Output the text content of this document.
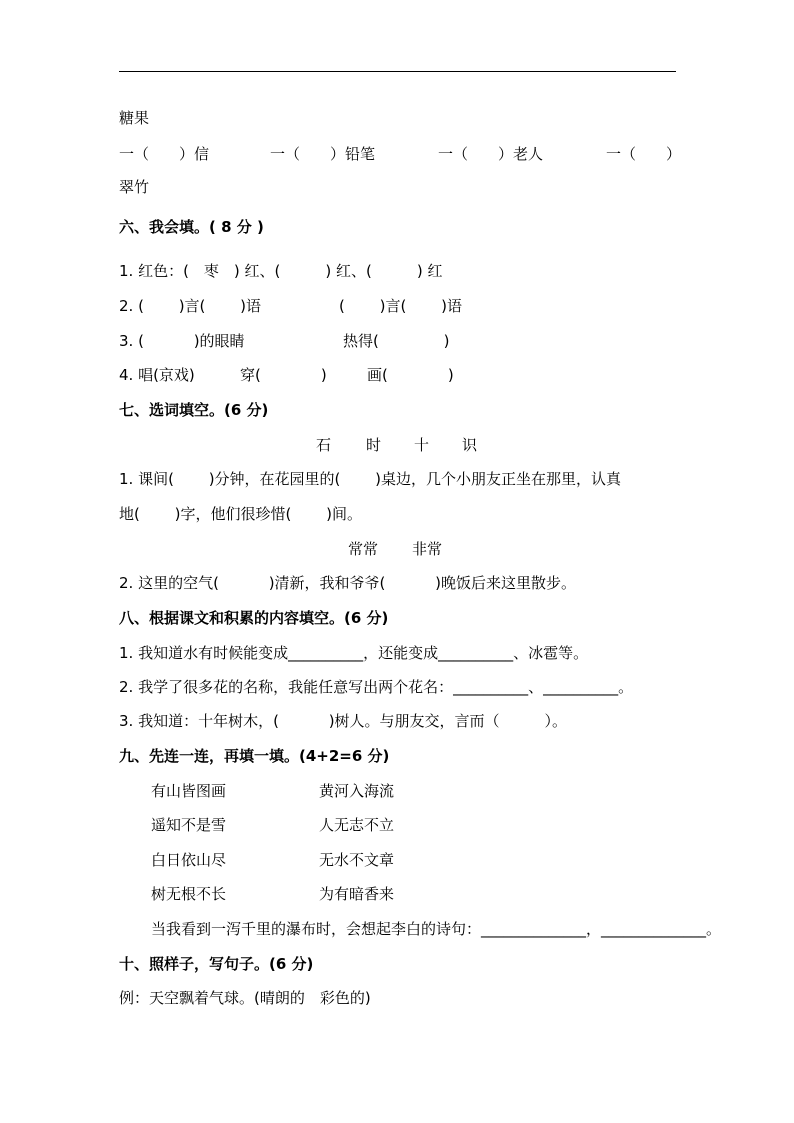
糖果
一（　　）信	一（　　）铅笔	一（　　）老人	一（　　）
翠竹
六、我会填。( 8 分 )
1. 红色：(　枣　) 红、(　　　) 红、(　　　) 红
2. (　　 )言(　　 )语	(　　 )言(　　 )语
3. (　　　 )的眼睛	热得(　　　　 )
4. 唱(京戏)	穿(　　　　)	画(　　　　)
七、选词填空。(6 分)
石 时 十 识
1. 课间(　　 )分钟，在花园里的(　　 )桌边，几个小朋友正坐在那里，认真
地(　　 )字，他们很珍惜(　　 )间。
常常 非常
2. 这里的空气(　　　 )清新，我和爷爷(　　　 )晚饭后来这里散步。
八、根据课文和积累的内容填空。(6 分)
1. 我知道水有时候能变成__________，还能变成__________、冰雹等。
2. 我学了很多花的名称，我能任意写出两个花名：__________、__________。
3. 我知道：十年树木，(　　　 )树人。与朋友交，言而（　　　）。
九、先连一连，再填一填。(4+2=6 分)
有山皆图画	黄河入海流
遥知不是雪	人无志不立
白日依山尽	无水不文章
树无根不长	为有暗香来
当我看到一泻千里的瀑布时，会想起李白的诗句：______________，______________。
十、照样子，写句子。(6 分)
例：天空飘着气球。(晴朗的　彩色的)
